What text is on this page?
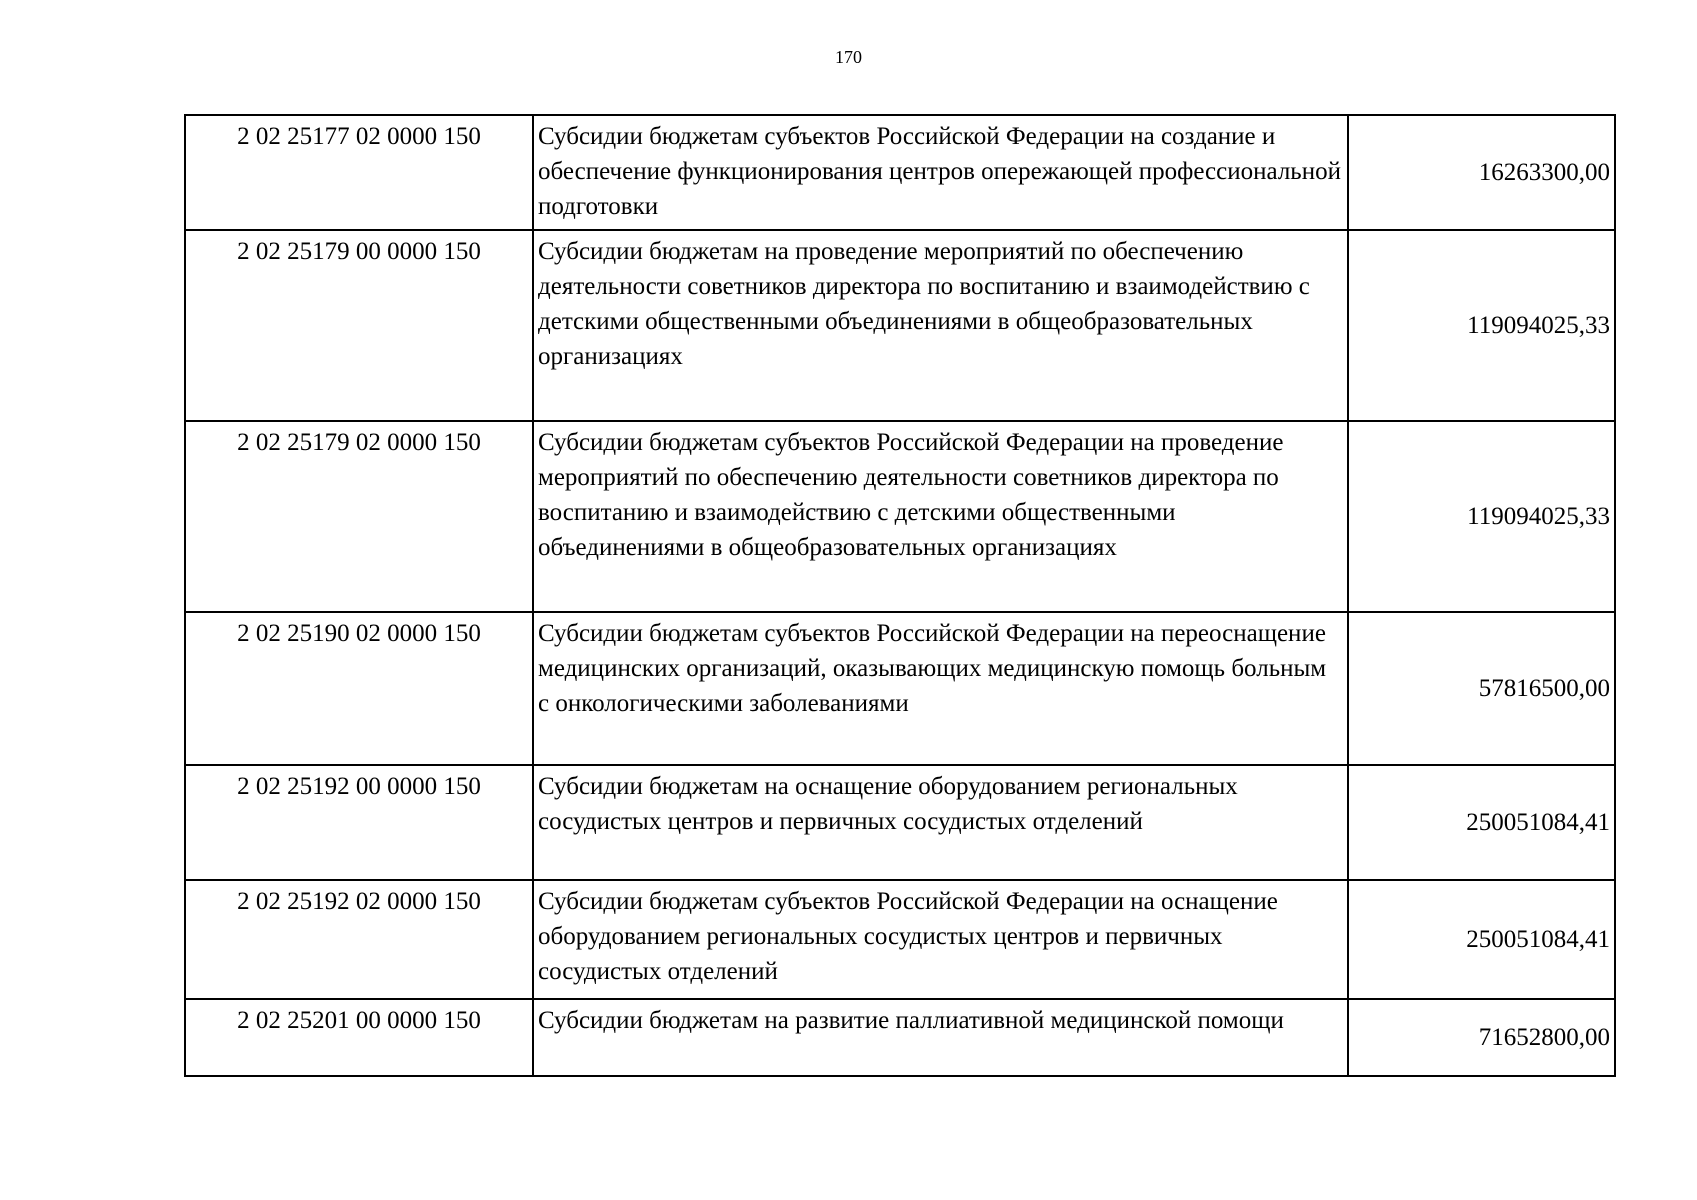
170
2 02 25177 02 0000 150	Субсидии бюджетам субъектов Российской Федерации на создание и обеспечение функционирования центров опережающей профессиональной подготовки	16263300,00
2 02 25179 00 0000 150	Субсидии бюджетам на проведение мероприятий по обеспечению деятельности советников директора по воспитанию и взаимодействию с детскими общественными объединениями в общеобразовательных организациях	119094025,33
2 02 25179 02 0000 150	Субсидии бюджетам субъектов Российской Федерации на проведение мероприятий по обеспечению деятельности советников директора по воспитанию и взаимодействию с детскими общественными объединениями в общеобразовательных организациях	119094025,33
2 02 25190 02 0000 150	Субсидии бюджетам субъектов Российской Федерации на переоснащение медицинских организаций, оказывающих медицинскую помощь больным с онкологическими заболеваниями	57816500,00
2 02 25192 00 0000 150	Субсидии бюджетам на оснащение оборудованием региональных сосудистых центров и первичных сосудистых отделений	250051084,41
2 02 25192 02 0000 150	Субсидии бюджетам субъектов Российской Федерации на оснащение оборудованием региональных сосудистых центров и первичных сосудистых отделений	250051084,41
2 02 25201 00 0000 150	Субсидии бюджетам на развитие паллиативной медицинской помощи	71652800,00
